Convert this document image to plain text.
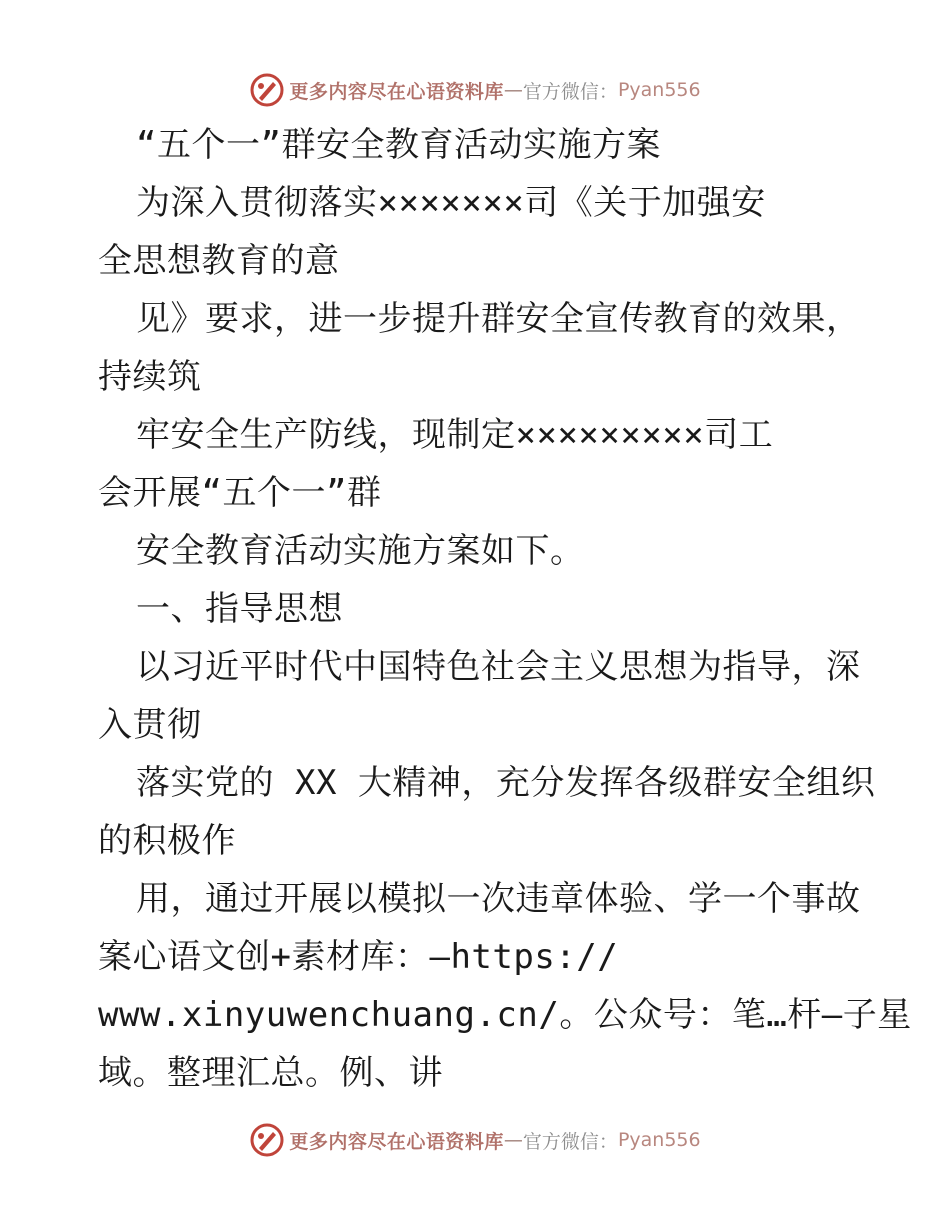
更多内容尽在心语资料库 — 官方微信： Pyan556
“五个一”群安全教育活动实施方案
为深入贯彻落实×××××××司《关于加强安
全思想教育的意
见》要求，进一步提升群安全宣传教育的效果，
持续筑
牢安全生产防线，现制定×××××××××司工
会开展“五个一”群
安全教育活动实施方案如下。
一、指导思想
以习近平时代中国特色社会主义思想为指导，深
入贯彻
落实党的 XX 大精神，充分发挥各级群安全组织
的积极作
用，通过开展以模拟一次违章体验、学一个事故
案心语文创+素材库：—https://
www.xinyuwenchuang.cn/。公众号：笔…杆—子星
域。整理汇总。例、讲
更多内容尽在心语资料库 — 官方微信： Pyan556
